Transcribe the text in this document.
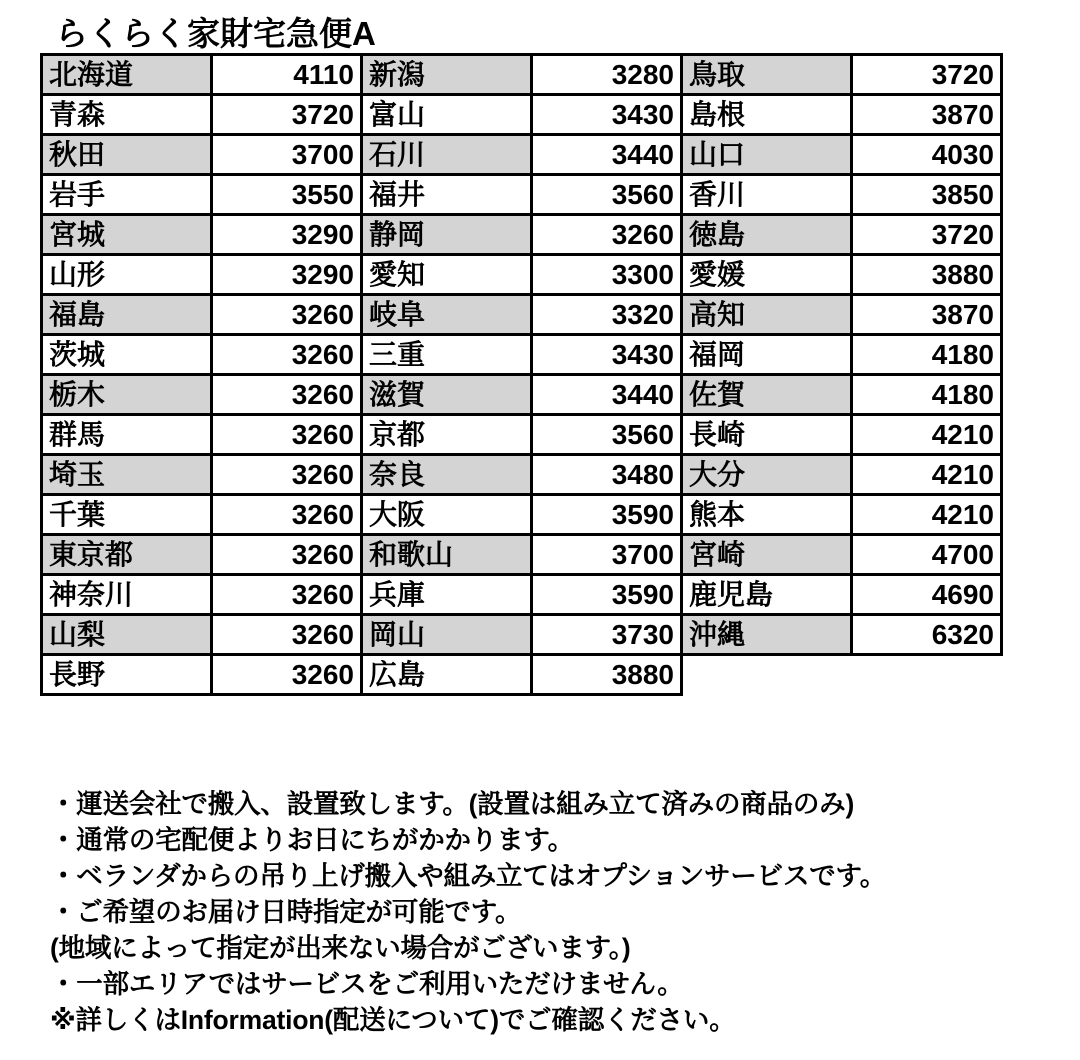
らくらく家財宅急便A
北海道	4110	新潟	3280	鳥取	3720
青森	3720	富山	3430	島根	3870
秋田	3700	石川	3440	山口	4030
岩手	3550	福井	3560	香川	3850
宮城	3290	静岡	3260	徳島	3720
山形	3290	愛知	3300	愛媛	3880
福島	3260	岐阜	3320	高知	3870
茨城	3260	三重	3430	福岡	4180
栃木	3260	滋賀	3440	佐賀	4180
群馬	3260	京都	3560	長崎	4210
埼玉	3260	奈良	3480	大分	4210
千葉	3260	大阪	3590	熊本	4210
東京都	3260	和歌山	3700	宮崎	4700
神奈川	3260	兵庫	3590	鹿児島	4690
山梨	3260	岡山	3730	沖縄	6320
長野	3260	広島	3880		
・運送会社で搬入、設置致します。(設置は組み立て済みの商品のみ)
・通常の宅配便よりお日にちがかかります。
・ベランダからの吊り上げ搬入や組み立てはオプションサービスです。
・ご希望のお届け日時指定が可能です。
(地域によって指定が出来ない場合がございます。)
・一部エリアではサービスをご利用いただけません。
※詳しくはInformation(配送について)でご確認ください。
